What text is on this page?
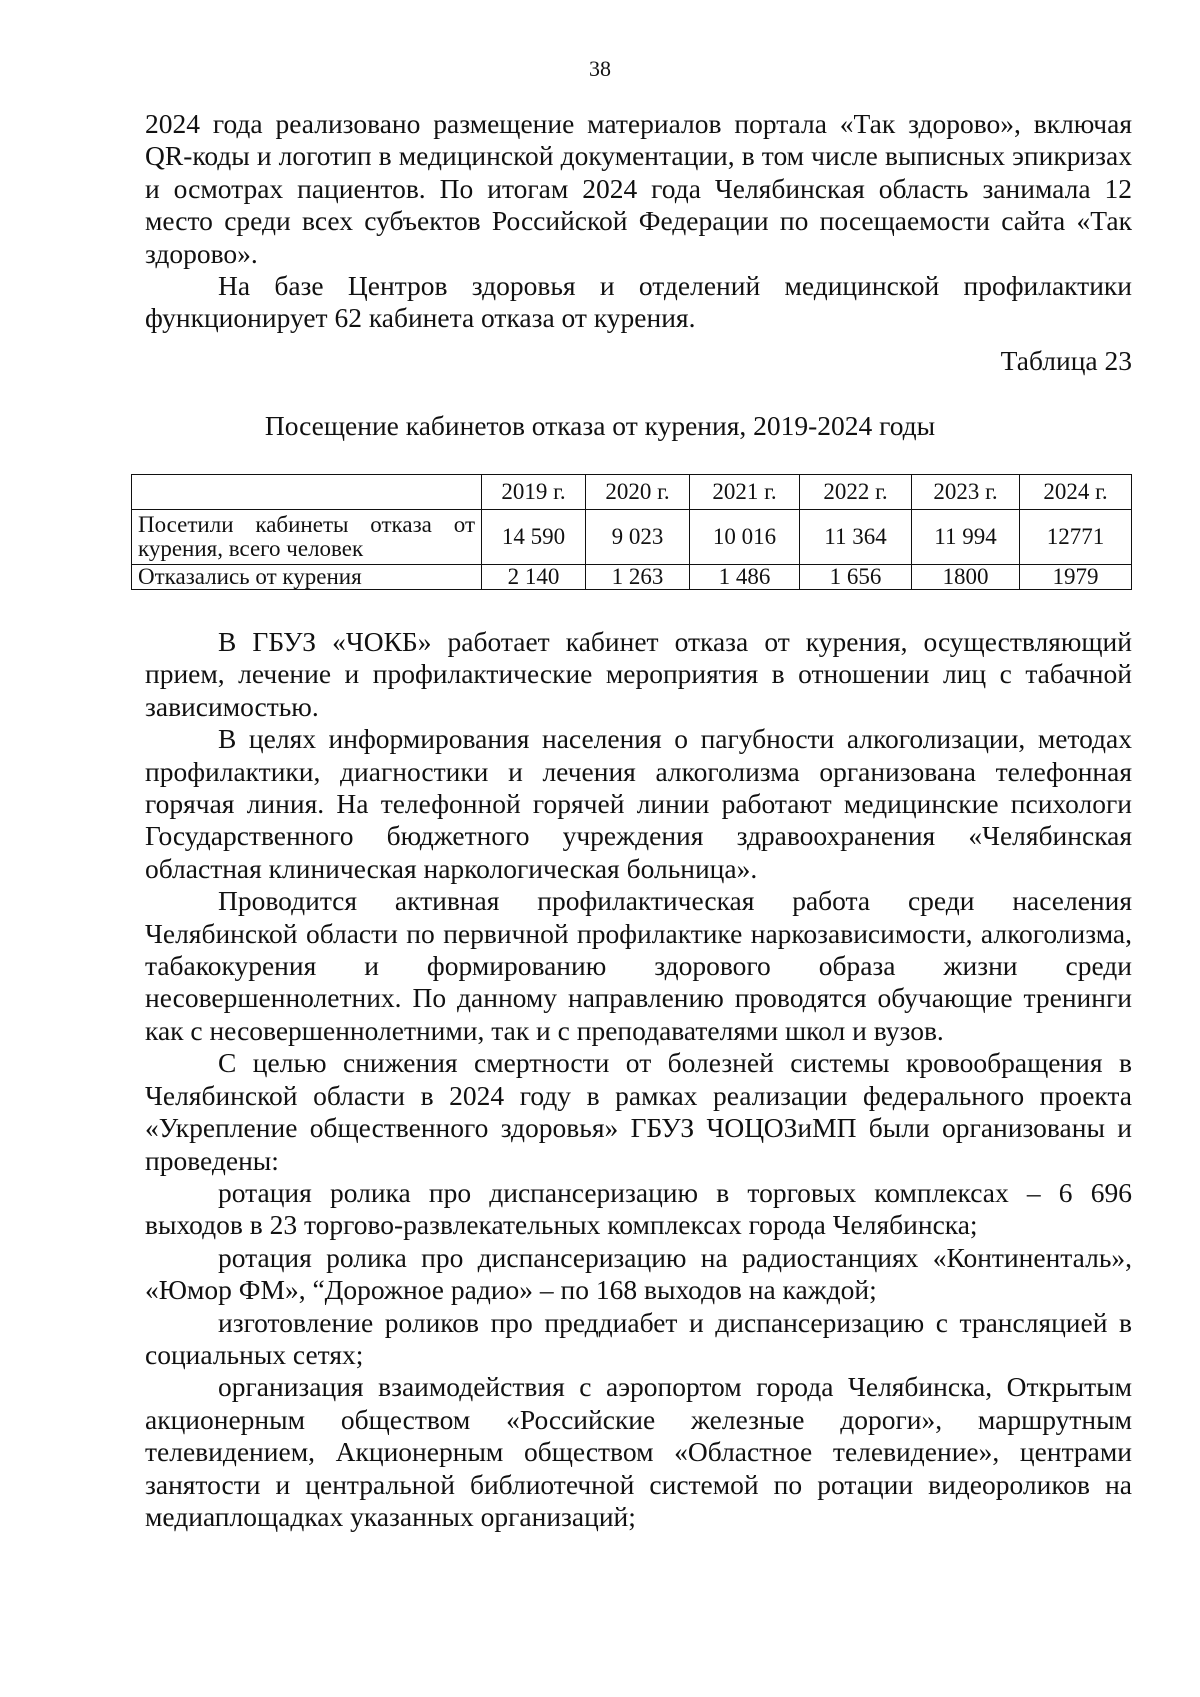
38

2024 года реализовано размещение материалов портала «Так здорово», включая QR-коды и логотип в медицинской документации, в том числе выписных эпикризах и осмотрах пациентов. По итогам 2024 года Челябинская область занимала 12 место среди всех субъектов Российской Федерации по посещаемости сайта «Так здорово».

На базе Центров здоровья и отделений медицинской профилактики функционирует 62 кабинета отказа от курения.

Таблица 23
Посещение кабинетов отказа от курения, 2019-2024 годы
	2019 г.	2020 г.	2021 г.	2022 г.	2023 г.	2024 г.
Посетили кабинеты отказа от курения, всего человек	14 590	9 023	10 016	11 364	11 994	12771
Отказались от курения	2 140	1 263	1 486	1 656	1800	1979

В ГБУЗ «ЧОКБ» работает кабинет отказа от курения, осуществляющий прием, лечение и профилактические мероприятия в отношении лиц с табачной зависимостью.

В целях информирования населения о пагубности алкоголизации, методах профилактики, диагностики и лечения алкоголизма организована телефонная горячая линия. На телефонной горячей линии работают медицинские психологи Государственного бюджетного учреждения здравоохранения «Челябинская областная клиническая наркологическая больница».

Проводится активная профилактическая работа среди населения Челябинской области по первичной профилактике наркозависимости, алкоголизма, табакокурения и формированию здорового образа жизни среди несовершеннолетних. По данному направлению проводятся обучающие тренинги как с несовершеннолетними, так и с преподавателями школ и вузов.

С целью снижения смертности от болезней системы кровообращения в Челябинской области в 2024 году в рамках реализации федерального проекта «Укрепление общественного здоровья» ГБУЗ ЧОЦОЗиМП были организованы и проведены:

ротация ролика про диспансеризацию в торговых комплексах – 6 696 выходов в 23 торгово-развлекательных комплексах города Челябинска;

ротация ролика про диспансеризацию на радиостанциях «Континенталь», «Юмор ФМ», “Дорожное радио» – по 168 выходов на каждой;

изготовление роликов про преддиабет и диспансеризацию с трансляцией в социальных сетях;

организация взаимодействия с аэропортом города Челябинска, Открытым акционерным обществом «Российские железные дороги», маршрутным телевидением, Акционерным обществом «Областное телевидение», центрами занятости и центральной библиотечной системой по ротации видеороликов на медиаплощадках указанных организаций;
